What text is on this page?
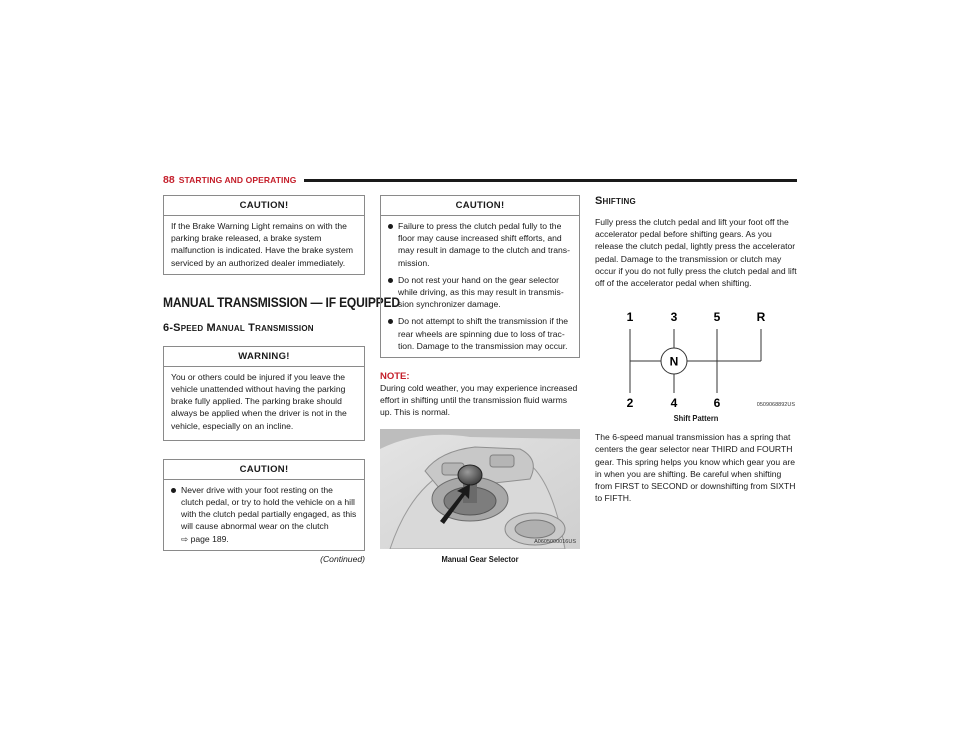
88 STARTING AND OPERATING
CAUTION!
If the Brake Warning Light remains on with the parking brake released, a brake system malfunction is indicated. Have the brake system serviced by an authorized dealer immediately.
MANUAL TRANSMISSION — IF EQUIPPED
6-Speed Manual Transmission
WARNING!
You or others could be injured if you leave the vehicle unattended without having the parking brake fully applied. The parking brake should always be applied when the driver is not in the vehicle, especially on an incline.
CAUTION!
Never drive with your foot resting on the clutch pedal, or try to hold the vehicle on a hill with the clutch pedal partially engaged, as this will cause abnormal wear on the clutch
⇨ page 189.
(Continued)
CAUTION!
Failure to press the clutch pedal fully to the floor may cause increased shift efforts, and may result in damage to the clutch and trans-mission.
Do not rest your hand on the gear selector while driving, as this may result in transmis-sion synchronizer damage.
Do not attempt to shift the transmission if the rear wheels are spinning due to loss of trac-tion. Damage to the transmission may occur.
NOTE:
During cold weather, you may experience increased effort in shifting until the transmission fluid warms up. This is normal.
A0605000016US
Manual Gear Selector
Shifting
Fully press the clutch pedal and lift your foot off the accelerator pedal before shifting gears. As you release the clutch pedal, lightly press the accelerator pedal. Damage to the transmission or clutch may occur if you do not fully press the clutch pedal and lift off of the accelerator pedal when shifting.
N
1	3	5	R
2	4	6	0509068892US
Shift Pattern
The 6-speed manual transmission has a spring that centers the gear selector near THIRD and FOURTH gear. This spring helps you know which gear you are in when you are shifting. Be careful when shifting from FIRST to SECOND or downshifting from SIXTH to FIFTH.
